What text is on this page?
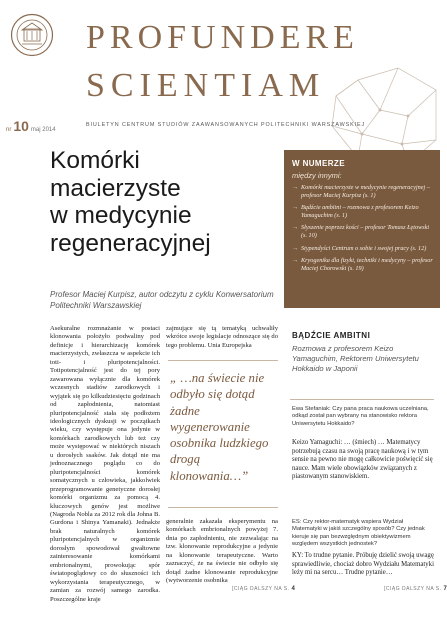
PROFUNDERE
SCIENTIAM
nr 10 maj 2014
BIULETYN CENTRUM STUDIÓW ZAAWANSOWANYCH POLITECHNIKI WARSZAWSKIEJ
Komórki
macierzyste
w medycynie
regeneracyjnej
Profesor Maciej Kurpisz, autor odczytu z cyklu Konwersatorium Politechniki Warszawskiej
W NUMERZE
między innymi:
→ Komórki macierzyste w medycynie regeneracyjnej – profesor Maciej Kurpisz (s. 1)
→ Bądźcie ambitni – rozmowa z profesorem Keizo Yamaguchim (s. 1)
→ Słyszenie poprzez kości – profesor Tomasz Łętowski (s. 10)
→ Stypendyści Centrum o sobie i swojej pracy (s. 12)
→ Kryogenika dla fizyki, techniki i medycyny – profesor Maciej Chorowski (s. 19)
Asekuralne rozmnażanie w postaci klonowania położyło podwaliny pod definicje i hierarchizację komórek macierzystych, zwłaszcza w aspekcie ich toti- i pluripotencjalności. Totipotencjalność jest do tej pory zawarowana wyłącznie dla komórek wczesnych stadiów zarodkowych i wyjątek się po kilkudziesięciu godzinach od zapłodnienia, natomiast pluripotencjalność stała się podłożem ideologicznych dyskusji w początkach wieku, czy występuje ona jedynie w komórkach zarodkowych lub też czy może występować w niektórych niszach u dorosłych ssaków. Jak dotąd nie ma jednoznacznego poglądu co do pluripotencjalności komórek somatycznych u człowieka, jakkolwiek przeprogramowanie genetyczne dorosłej komórki organizmu za pomocą 4. kluczowych genów jest możliwe (Nagroda Nobla za 2012 rok dla Johna B. Gurdona i Shinya Yamanaki). Jednakże brak naturalnych komórek pluripotencjalnych w organizmie dorosłym spowodował gwałtowne zainteresowanie komórkami embrionalnymi, prowokując spór światopoglądowy co do słuszności ich wykorzystania terapeutycznego, w zamian za rozwój samego zarodka. Poszczególne kraje
zajmujące się tą tematyką uchwaliły wkrótce swoje legislacje odnoszące się do tego problemu. Unia Europejska
„ …na świecie nie odbyło się dotąd żadne wygenerowanie osobnika ludzkiego drogą klonowania…”
generalnie zakazała eksperymentu na komórkach embrionalnych powyżej 7. dnia po zapłodnieniu, nie zezwalając na tzw. klonowanie reprodukcyjne a jedynie na klonowanie terapeutyczne. Warto zaznaczyć, że na świecie nie odbyło się dotąd żadne klonowanie reprodukcyjne (wytworzenie osobnika
[CIĄG DALSZY NA S. 4
BĄDŹCIE AMBITNI
Rozmowa z profesorem Keizo Yamaguchim, Rektorem Uniwersytetu Hokkaido w Japonii
Ewa Stefaniak: Czy pana praca naukowa uczelniana, odkąd został pan wybrany na stanowisko rektora Uniwersytetu Hokkaido?
Keizo Yamaguchi: … (śmiech) … Matematycy potrzebują czasu na swoją pracę naukową i w tym sensie na pewno nie mogę całkowicie poświęcić się nauce. Mam wiele obowiązków związanych z piastowanym stanowiskiem.
ES: Czy rektor-matematyk wspiera Wydział Matematyki w jakiś szczególny sposób? Czy jednak kieruje się pan bezwzględnym obiektywizmem względem wszystkich jednostek?
KY: To trudne pytanie. Próbuję dzielić swoją uwagę sprawiedliwie, chociaż dobro Wydziału Matematyki leży mi na sercu… Trudne pytanie…
[CIĄG DALSZY NA S. 7
